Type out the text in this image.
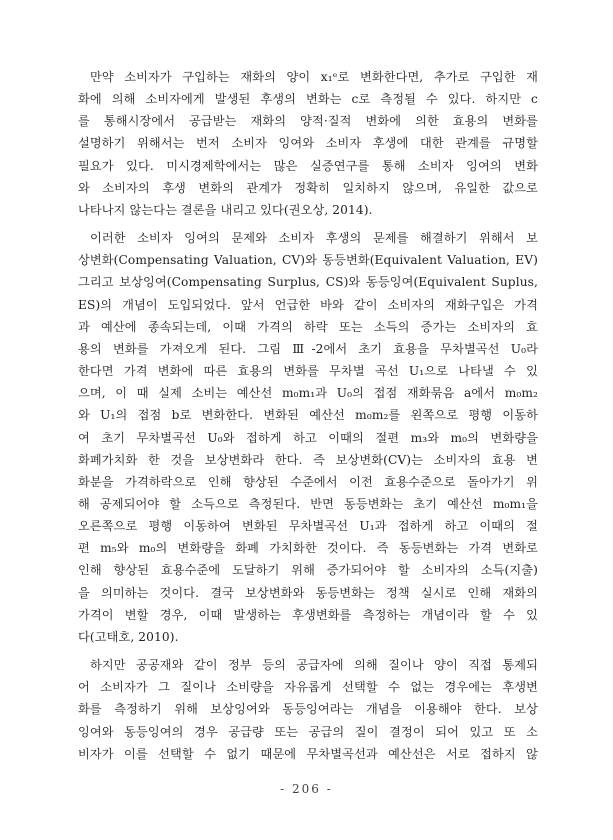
만약 소비자가 구입하는 재화의 양이 x₁ᵉ로 변화한다면, 추가로 구입한 재
화에 의해 소비자에게 발생된 후생의 변화는 c로 측정될 수 있다. 하지만 c
를 통해시장에서 공급받는 재화의 양적·질적 변화에 의한 효용의 변화를
설명하기 위해서는 번저 소비자 잉여와 소비자 후생에 대한 관계를 규명할
필요가 있다. 미시경제학에서는 많은 실증연구를 통해 소비자 잉여의 변화
와 소비자의 후생 변화의 관계가 정확히 일치하지 않으며, 유일한 값으로
나타나지 않는다는 결론을 내리고 있다(권오상, 2014).
이러한 소비자 잉여의 문제와 소비자 후생의 문제를 해결하기 위해서 보
상변화(Compensating Valuation, CV)와 동등변화(Equivalent Valuation, EV)
그리고 보상잉여(Compensating Surplus, CS)와 동등잉여(Equivalent Suplus,
ES)의 개념이 도입되었다. 앞서 언급한 바와 같이 소비자의 재화구입은 가격
과 예산에 종속되는데, 이때 가격의 하락 또는 소득의 증가는 소비자의 효
용의 변화를 가져오게 된다. 그림 Ⅲ-2에서 초기 효용을 무차별곡선 U₀라
한다면 가격 변화에 따른 효용의 변화를 무차별 곡선 U₁으로 나타낼 수 있
으며, 이 때 실제 소비는 예산선 m₀m₁과 U₀의 접점 재화묶음 a에서 m₀m₂
와 U₁의 접점 b로 변화한다. 변화된 예산선 m₀m₂를 왼쪽으로 평행 이동하
여 초기 무차별곡선 U₀와 접하게 하고 이때의 절편 m₃와 m₀의 변화량을
화폐가치화 한 것을 보상변화라 한다. 즉 보상변화(CV)는 소비자의 효용 변
화분을 가격하락으로 인해 향상된 수준에서 이전 효용수준으로 돌아가기 위
해 공제되어야 할 소득으로 측정된다. 반면 동등변화는 초기 예산선 m₀m₁을
오른쪽으로 평행 이동하여 변화된 무차별곡선 U₁과 접하게 하고 이때의 절
편 m₅와 m₀의 변화량을 화폐 가치화한 것이다. 즉 동등변화는 가격 변화로
인해 향상된 효용수준에 도달하기 위해 증가되어야 할 소비자의 소득(지출)
을 의미하는 것이다. 결국 보상변화와 동등변화는 정책 실시로 인해 재화의
가격이 변할 경우, 이때 발생하는 후생변화를 측정하는 개념이라 할 수 있
다(고태호, 2010).
하지만 공공재와 같이 정부 등의 공급자에 의해 질이나 양이 직접 통제되
어 소비자가 그 질이나 소비량을 자유롭게 선택할 수 없는 경우에는 후생변
화를 측정하기 위해 보상잉여와 동등잉여라는 개념을 이용해야 한다. 보상
잉여와 동등잉여의 경우 공급량 또는 공급의 질이 결정이 되어 있고 또 소
비자가 이를 선택할 수 없기 때문에 무차별곡선과 예산선은 서로 접하지 않
- 206 -
